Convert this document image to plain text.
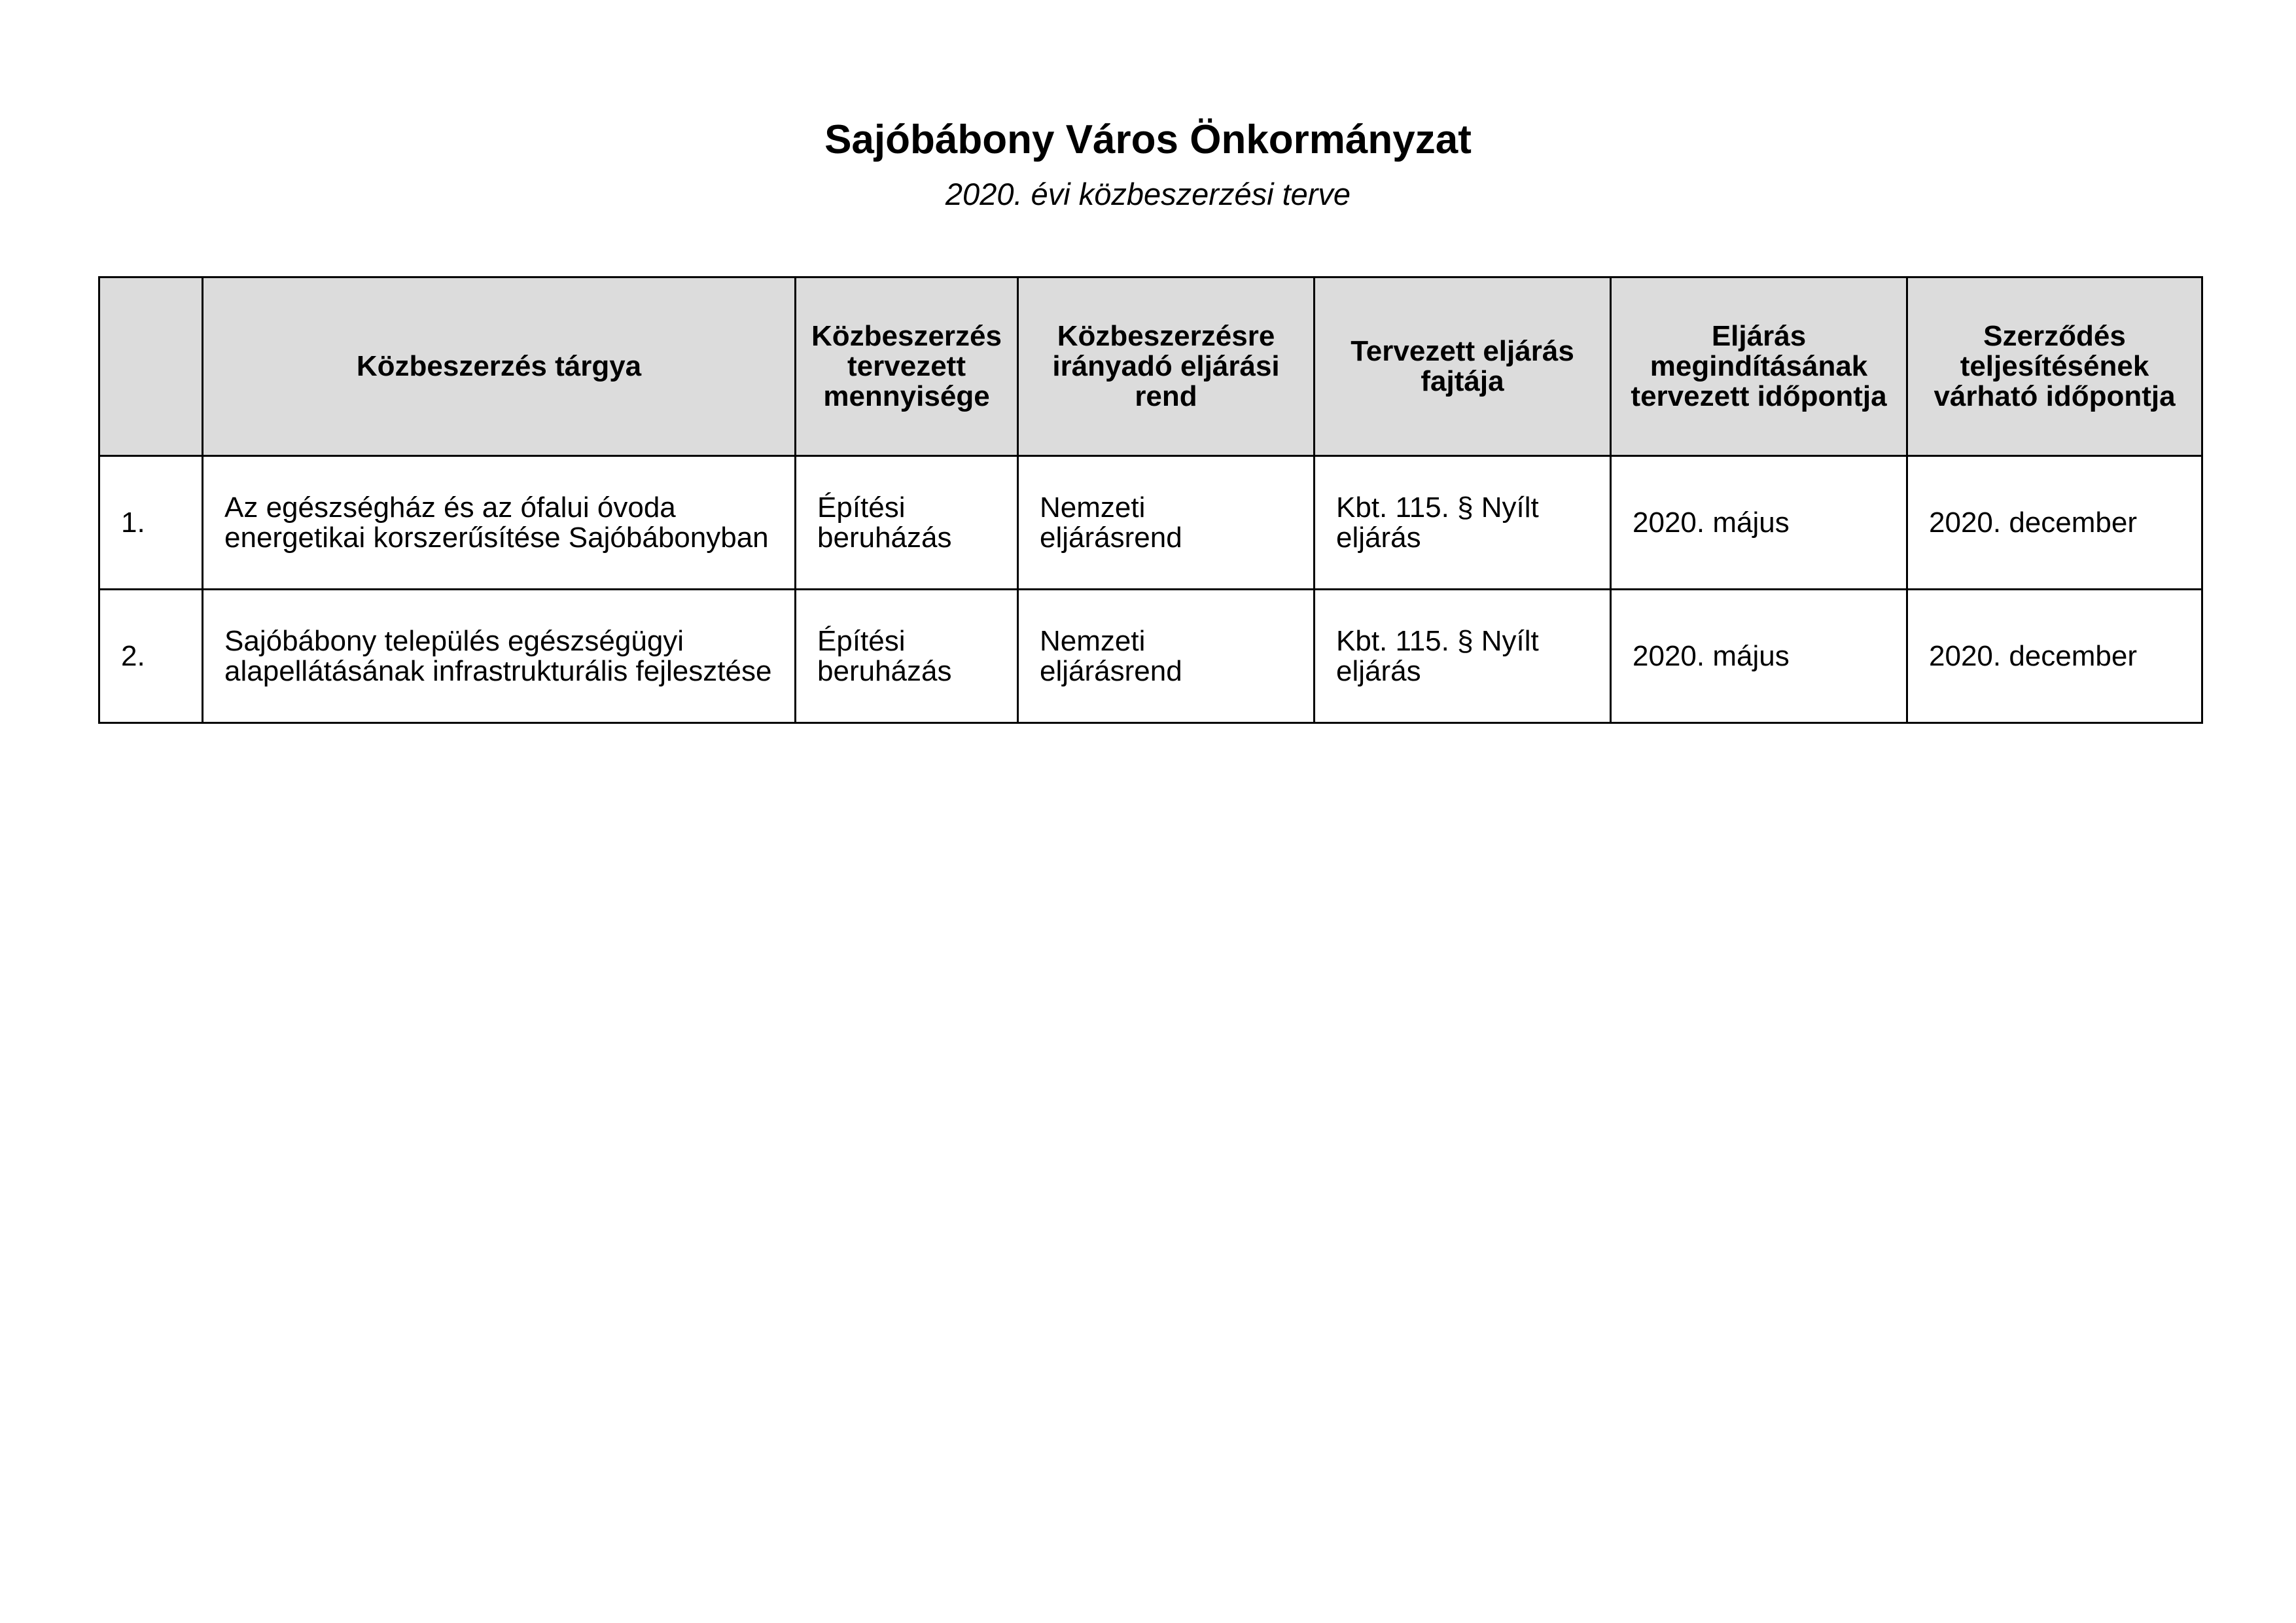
Sajóbábony Város Önkormányzat

2020. évi közbeszerzési terve

	Közbeszerzés tárgya	Közbeszerzés tervezett mennyisége	Közbeszerzésre irányadó eljárási rend	Tervezett eljárás fajtája	Eljárás megindításának tervezett időpontja	Szerződés teljesítésének várható időpontja
1.	Az egészségház és az ófalui óvoda energetikai korszerűsítése Sajóbábonyban	Építési beruházás	Nemzeti eljárásrend	Kbt. 115. § Nyílt eljárás	2020. május	2020. december
2.	Sajóbábony település egészségügyi alapellátásának infrastrukturális fejlesztése	Építési beruházás	Nemzeti eljárásrend	Kbt. 115. § Nyílt eljárás	2020. május	2020. december
